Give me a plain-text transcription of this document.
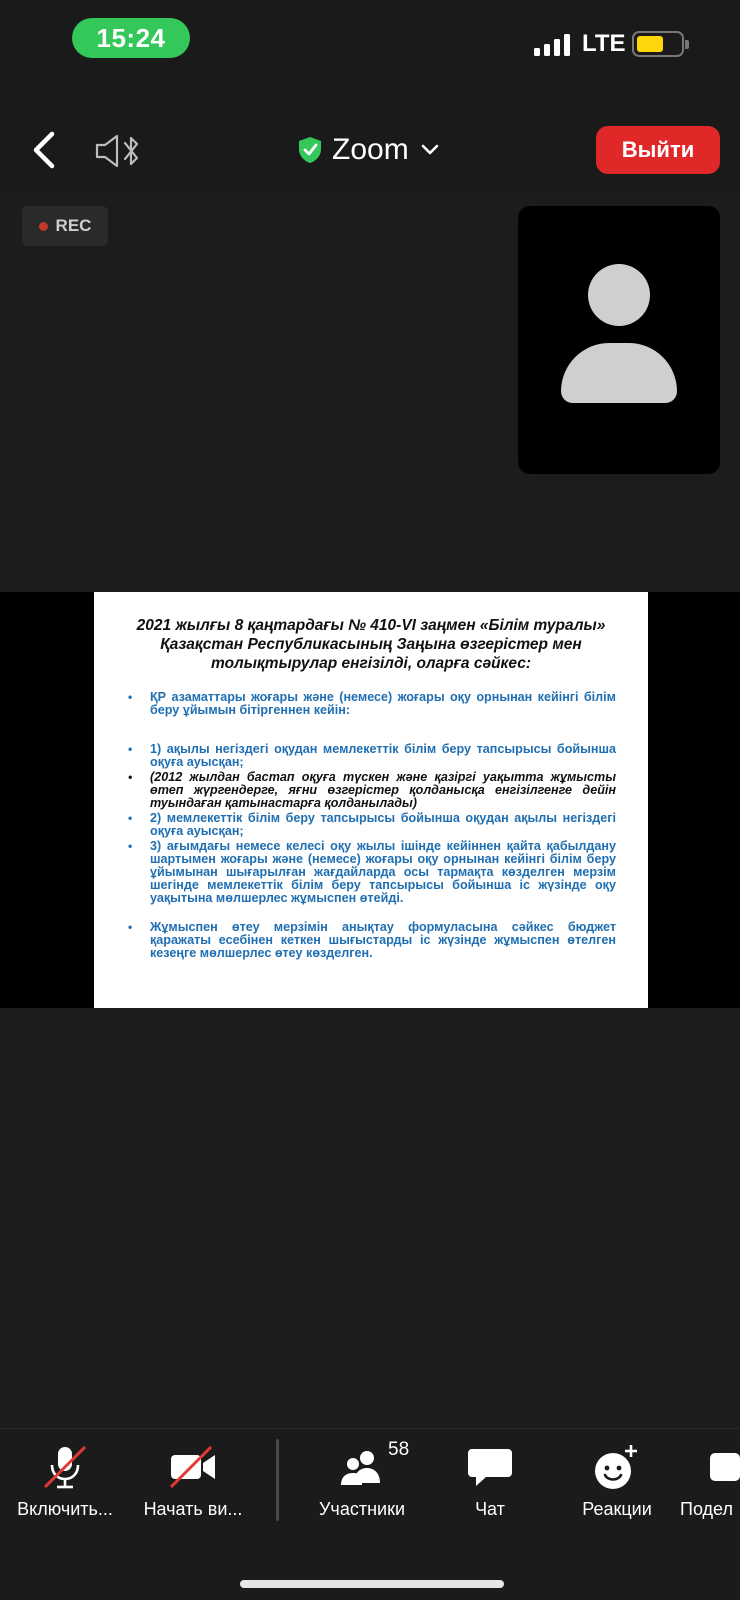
15:24	LTE
Zoom	Выйти
REC
2021 жылғы 8 қаңтардағы № 410-VI заңмен «Білім туралы» Қазақстан Республикасының Заңына өзгерістер мен толықтырулар енгізілді, оларға сәйкес:
• ҚР азаматтары жоғары және (немесе) жоғары оқу орнынан кейінгі білім беру ұйымын бітіргеннен кейін:
• 1) ақылы негіздегі оқудан мемлекеттік білім беру тапсырысы бойынша оқуға ауысқан;
• (2012 жылдан бастап оқуға түскен және қазіргі уақытта жұмысты өтеп жүргендерге, яғни өзгерістер қолданысқа енгізілгенге дейін туындаған қатынастарға қолданылады)
• 2) мемлекеттік білім беру тапсырысы бойынша оқудан ақылы негіздегі оқуға ауысқан;
• 3) ағымдағы немесе келесі оқу жылы ішінде кейіннен қайта қабылдану шартымен жоғары және (немесе) жоғары оқу орнынан кейінгі білім беру ұйымынан шығарылған жағдайларда осы тармақта көзделген мерзім шегінде мемлекеттік білім беру тапсырысы бойынша іс жүзінде оқу уақытына мөлшерлес жұмыспен өтейді.
• Жұмыспен өтеу мерзімін анықтау формуласына сәйкес бюджет қаражаты есебінен кеткен шығыстарды іс жүзінде жұмыспен өтелген кезеңге мөлшерлес өтеу көзделген.
Включить...	Начать ви...	Участники
58
Чат	Реакции	Подел
